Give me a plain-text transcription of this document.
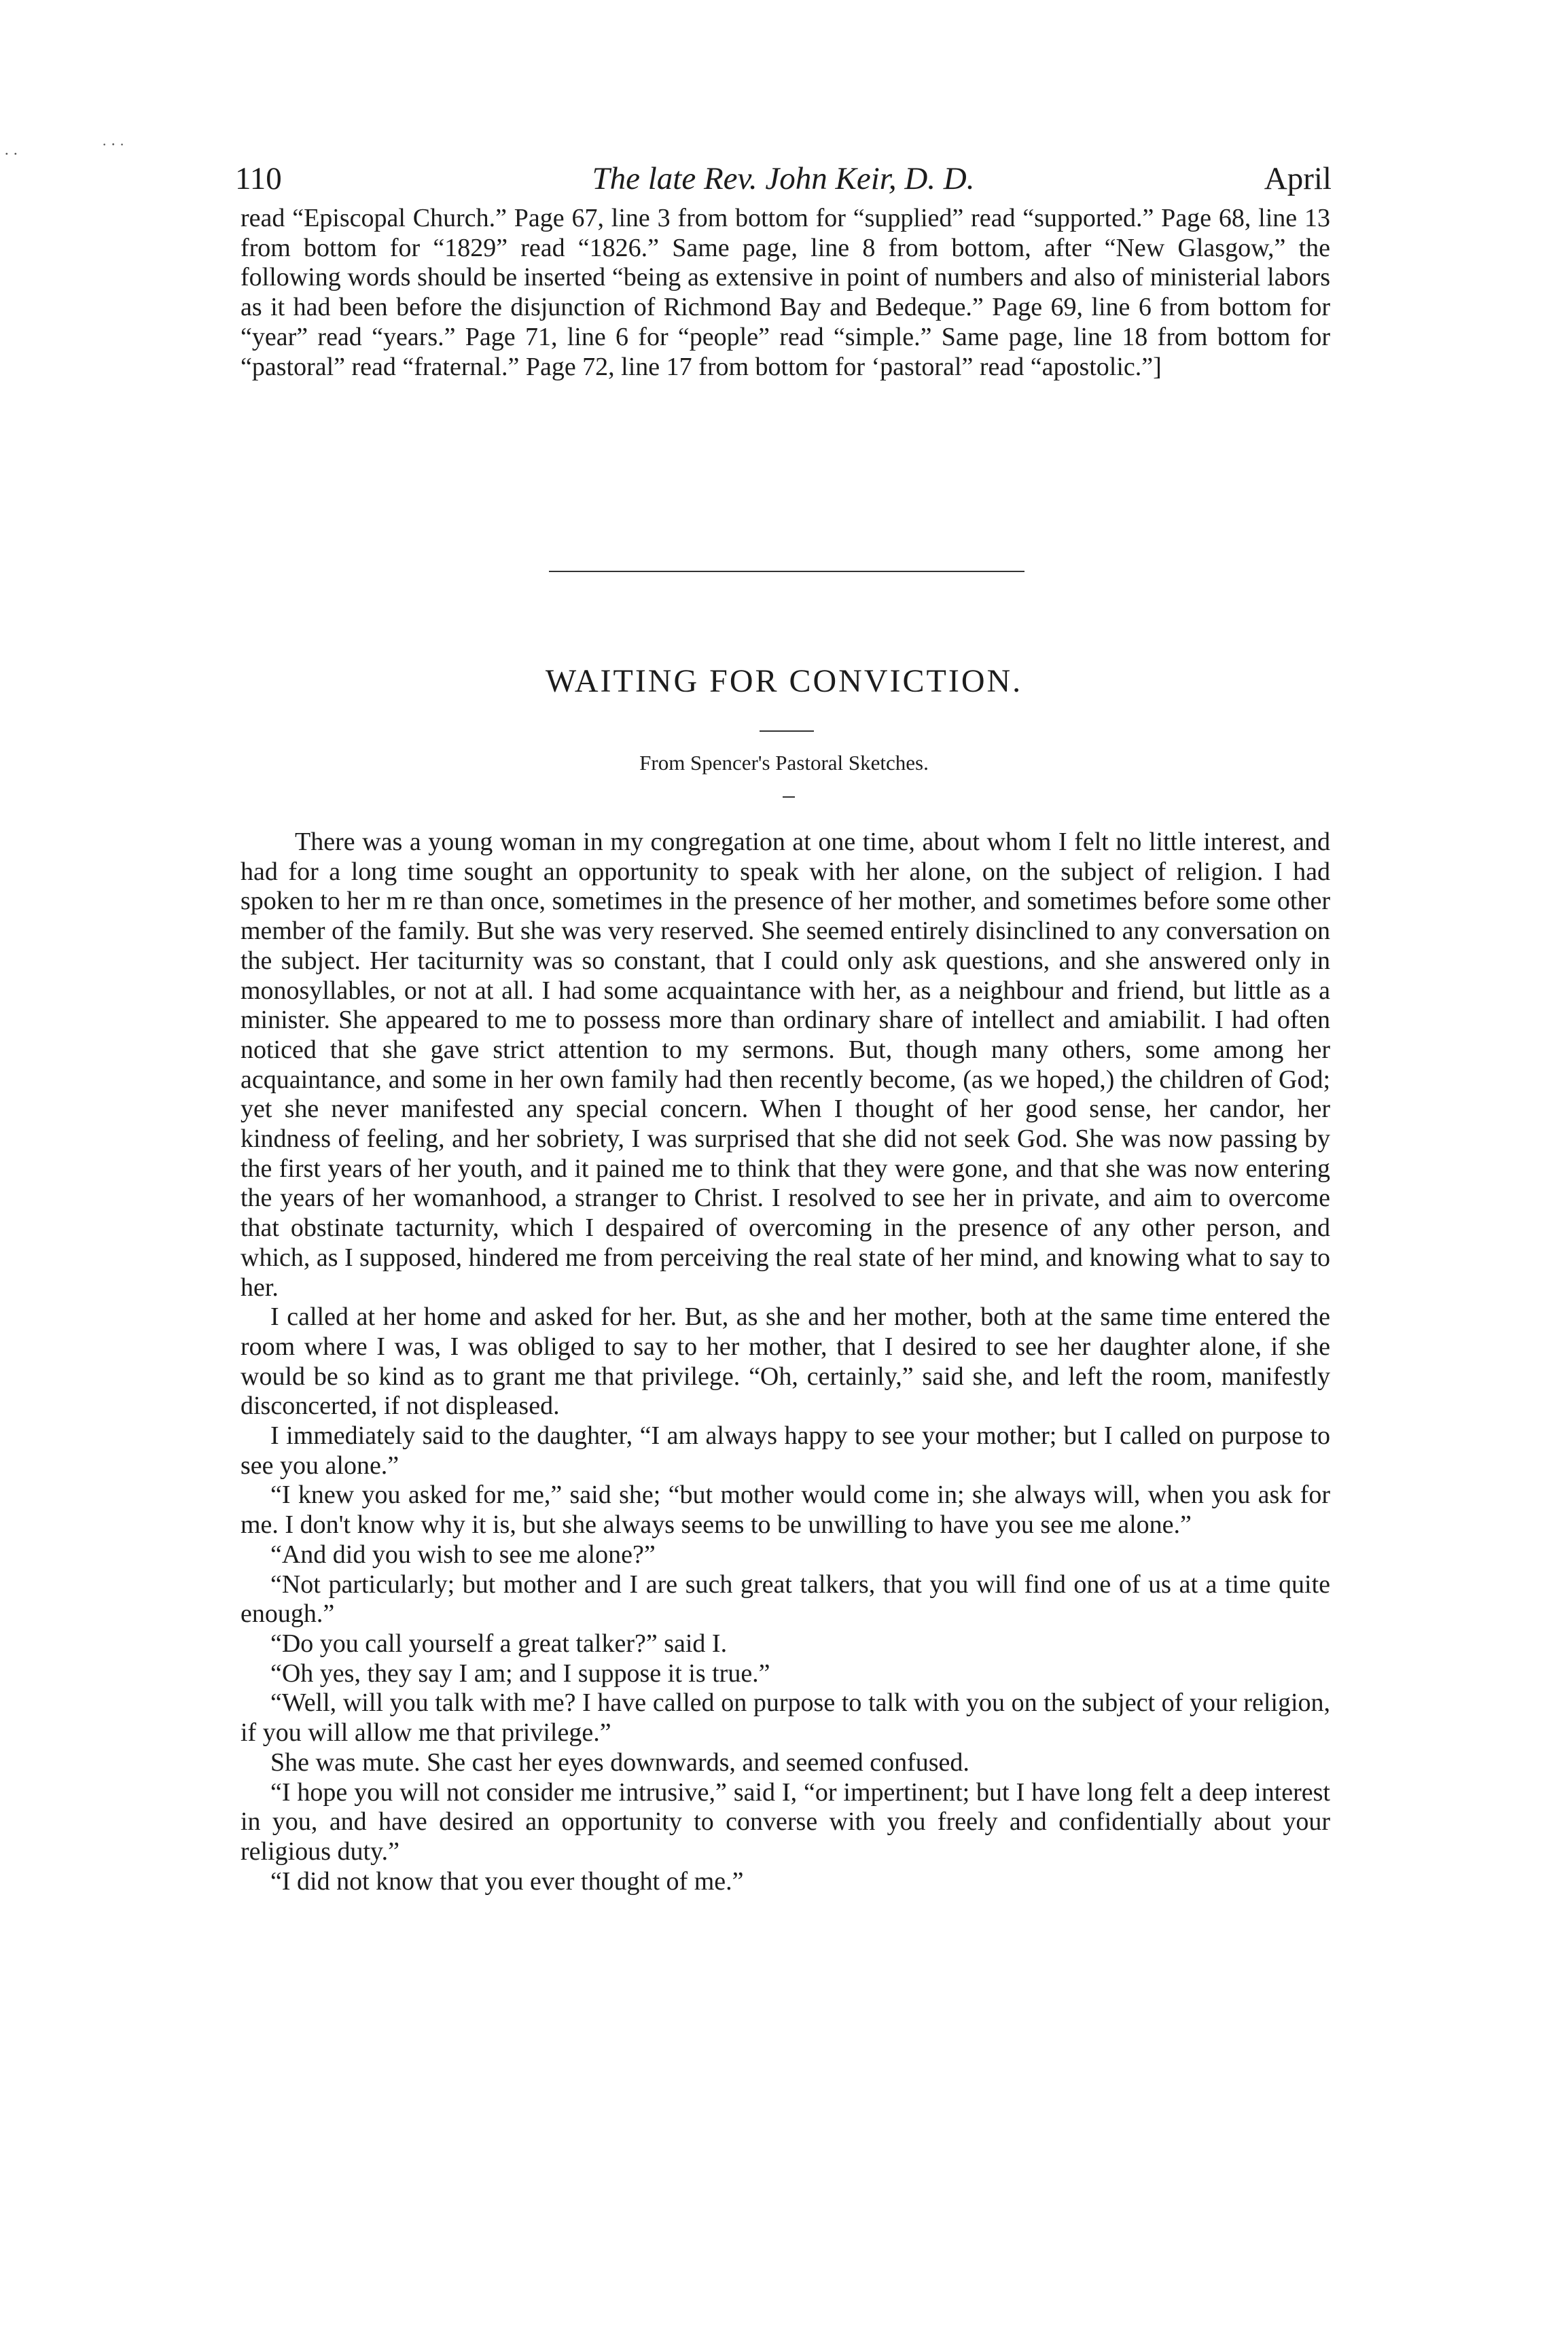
⋅ ⋅
· ⋅ ·
110	The late Rev. John Keir, D. D.	April
read “Episcopal Church.” Page 67, line 3 from bottom for “supplied” read “supported.” Page 68, line 13 from bottom for “1829” read “1826.” Same page, line 8 from bottom, after “New Glasgow,” the following words should be inserted “being as extensive in point of numbers and also of ministerial labors as it had been before the disjunction of Richmond Bay and Bedeque.” Page 69, line 6 from bottom for “year” read “years.” Page 71, line 6 for “people” read “simple.” Same page, line 18 from bottom for “pastoral” read “fraternal.” Page 72, line 17 from bottom for ‘pastoral” read “apostolic.”]
WAITING FOR CONVICTION.
From Spencer's Pastoral Sketches.

There was a young woman in my congregation at one time, about whom I felt no little interest, and had for a long time sought an opportunity to speak with her alone, on the subject of religion. I had spoken to her m re than once, sometimes in the presence of her mother, and sometimes before some other member of the family. But she was very reserved. She seemed entirely disinclined to any conversation on the subject. Her taciturnity was so constant, that I could only ask questions, and she answered only in monosyllables, or not at all. I had some acquaintance with her, as a neighbour and friend, but little as a minister. She appeared to me to possess more than ordinary share of intellect and amiabilit. I had often noticed that she gave strict attention to my sermons. But, though many others, some among her acquaintance, and some in her own family had then recently become, (as we hoped,) the children of God; yet she never manifested any special concern. When I thought of her good sense, her candor, her kindness of feeling, and her sobriety, I was surprised that she did not seek God. She was now passing by the first years of her youth, and it pained me to think that they were gone, and that she was now entering the years of her womanhood, a stranger to Christ. I resolved to see her in private, and aim to overcome that obstinate tacturnity, which I despaired of overcoming in the presence of any other person, and which, as I supposed, hindered me from perceiving the real state of her mind, and knowing what to say to her.

I called at her home and asked for her. But, as she and her mother, both at the same time entered the room where I was, I was obliged to say to her mother, that I desired to see her daughter alone, if she would be so kind as to grant me that privilege. “Oh, certainly,” said she, and left the room, manifestly disconcerted, if not displeased.

I immediately said to the daughter, “I am always happy to see your mother; but I called on purpose to see you alone.”

“I knew you asked for me,” said she; “but mother would come in; she always will, when you ask for me. I don't know why it is, but she always seems to be unwilling to have you see me alone.”

“And did you wish to see me alone?”

“Not particularly; but mother and I are such great talkers, that you will find one of us at a time quite enough.”

“Do you call yourself a great talker?” said I.

“Oh yes, they say I am; and I suppose it is true.”

“Well, will you talk with me? I have called on purpose to talk with you on the subject of your religion, if you will allow me that privilege.”

She was mute. She cast her eyes downwards, and seemed confused.

“I hope you will not consider me intrusive,” said I, “or impertinent; but I have long felt a deep interest in you, and have desired an opportunity to converse with you freely and confidentially about your religious duty.”

“I did not know that you ever thought of me.”
